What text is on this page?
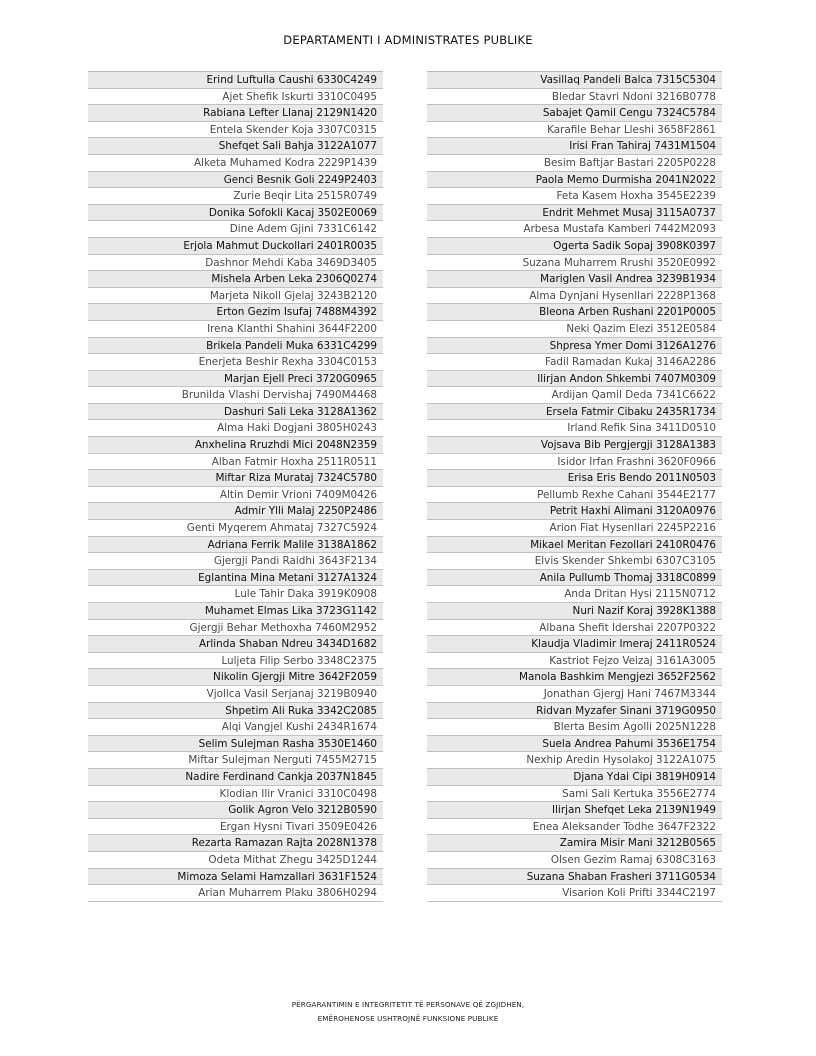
DEPARTAMENTI I ADMINISTRATES PUBLIKE
Erind Luftulla Caushi 6330C4249
Ajet Shefik Iskurti 3310C0495
Rabiana Lefter Llanaj 2129N1420
Entela Skender Koja 3307C0315
Shefqet Sali Bahja 3122A1077
Alketa Muhamed Kodra 2229P1439
Genci Besnik Goli 2249P2403
Zurie Beqir Lita 2515R0749
Donika Sofokli Kacaj 3502E0069
Dine Adem Gjini 7331C6142
Erjola Mahmut Duckollari 2401R0035
Dashnor Mehdi Kaba 3469D3405
Mishela Arben Leka 2306Q0274
Marjeta Nikoll Gjelaj 3243B2120
Erton Gezim Isufaj 7488M4392
Irena Klanthi Shahini 3644F2200
Brikela Pandeli Muka 6331C4299
Enerjeta Beshir Rexha 3304C0153
Marjan Ejell Preci 3720G0965
Brunilda Vlashi Dervishaj 7490M4468
Dashuri Sali Leka 3128A1362
Alma Haki Dogjani 3805H0243
Anxhelina Rruzhdi Mici 2048N2359
Alban Fatmir Hoxha 2511R0511
Miftar Riza Murataj 7324C5780
Altin Demir Vrioni 7409M0426
Admir Ylli Malaj 2250P2486
Genti Myqerem Ahmataj 7327C5924
Adriana Ferrik Malile 3138A1862
Gjergji Pandi Raidhi 3643F2134
Eglantina Mina Metani 3127A1324
Lule Tahir Daka 3919K0908
Muhamet Elmas Lika 3723G1142
Gjergji Behar Methoxha 7460M2952
Arlinda Shaban Ndreu 3434D1682
Luljeta Filip Serbo 3348C2375
Nikolin Gjergji Mitre 3642F2059
Vjollca Vasil Serjanaj 3219B0940
Shpetim Ali Ruka 3342C2085
Alqi Vangjel Kushi 2434R1674
Selim Sulejman Rasha 3530E1460
Miftar Sulejman Nerguti 7455M2715
Nadire Ferdinand Cankja 2037N1845
Klodian Ilir Vranici 3310C0498
Golik Agron Velo 3212B0590
Ergan Hysni Tivari 3509E0426
Rezarta Ramazan Rajta 2028N1378
Odeta Mithat Zhegu 3425D1244
Mimoza Selami Hamzallari 3631F1524
Arian Muharrem Plaku 3806H0294
Vasillaq Pandeli Balca 7315C5304
Bledar Stavri Ndoni 3216B0778
Sabajet Qamil Cengu 7324C5784
Karafile Behar Lleshi 3658F2861
Irisi Fran Tahiraj 7431M1504
Besim Baftjar Bastari 2205P0228
Paola Memo Durmisha 2041N2022
Feta Kasem Hoxha 3545E2239
Endrit Mehmet Musaj 3115A0737
Arbesa Mustafa Kamberi 7442M2093
Ogerta Sadik Sopaj 3908K0397
Suzana Muharrem Rrushi 3520E0992
Mariglen Vasil Andrea 3239B1934
Alma Dynjani Hysenllari 2228P1368
Bleona Arben Rushani 2201P0005
Neki Qazim Elezi 3512E0584
Shpresa Ymer Domi 3126A1276
Fadil Ramadan Kukaj 3146A2286
Ilirjan Andon Shkembi 7407M0309
Ardijan Qamil Deda 7341C6622
Ersela Fatmir Cibaku 2435R1734
Irland Refik Sina 3411D0510
Vojsava Bib Pergjergji 3128A1383
Isidor Irfan Frashni 3620F0966
Erisa Eris Bendo 2011N0503
Pellumb Rexhe Cahani 3544E2177
Petrit Haxhi Alimani 3120A0976
Arion Fiat Hysenllari 2245P2216
Mikael Meritan Fezollari 2410R0476
Elvis Skender Shkembi 6307C3105
Anila Pullumb Thomaj 3318C0899
Anda Dritan Hysi 2115N0712
Nuri Nazif Koraj 3928K1388
Albana Shefit Idershai 2207P0322
Klaudja Vladimir Imeraj 2411R0524
Kastriot Fejzo Veizaj 3161A3005
Manola Bashkim Mengjezi 3652F2562
Jonathan Gjergj Hani 7467M3344
Ridvan Myzafer Sinani 3719G0950
Blerta Besim Agolli 2025N1228
Suela Andrea Pahumi 3536E1754
Nexhip Aredin Hysolakoj 3122A1075
Djana Ydai Cipi 3819H0914
Sami Sali Kertuka 3556E2774
Ilirjan Shefqet Leka 2139N1949
Enea Aleksander Todhe 3647F2322
Zamira Misir Mani 3212B0565
Olsen Gezim Ramaj 6308C3163
Suzana Shaban Frasheri 3711G0534
Visarion Koli Prifti 3344C2197
PËRGARANTIMIN E INTEGRITETIT TË PERSONAVE QË ZGJIDHEN,
EMËROHENOSE USHTROJNË FUNKSIONE PUBLIKE
